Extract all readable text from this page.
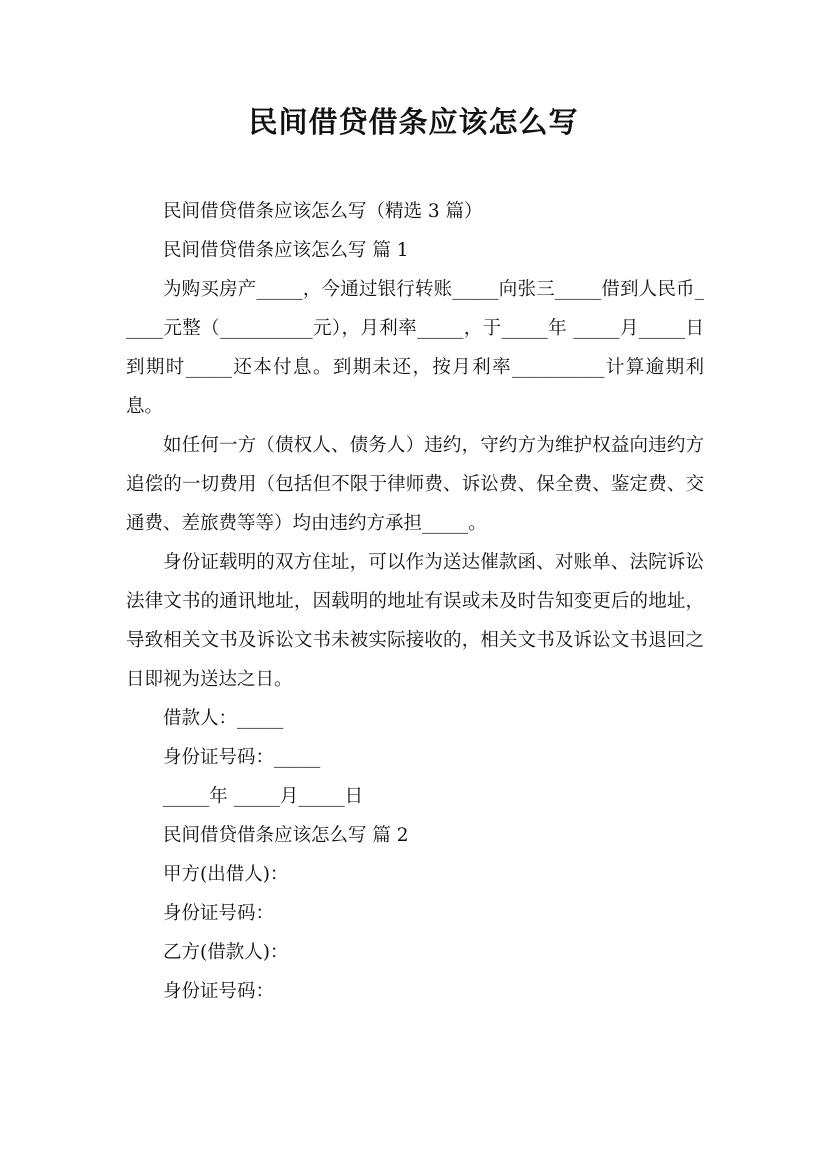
民间借贷借条应该怎么写

民间借贷借条应该怎么写（精选 3 篇）

民间借贷借条应该怎么写 篇 1

为购买房产_____，今通过银行转账_____向张三_____借到人民币_____元整（__________元），月利率_____，于_____年 _____月_____日到期时_____还本付息。到期未还，按月利率__________计算逾期利息。

如任何一方（债权人、债务人）违约，守约方为维护权益向违约方追偿的一切费用（包括但不限于律师费、诉讼费、保全费、鉴定费、交通费、差旅费等等）均由违约方承担_____。

身份证载明的双方住址，可以作为送达催款函、对账单、法院诉讼法律文书的通讯地址，因载明的地址有误或未及时告知变更后的地址，导致相关文书及诉讼文书未被实际接收的，相关文书及诉讼文书退回之日即视为送达之日。

借款人：_____

身份证号码：_____

_____年 _____月_____日

民间借贷借条应该怎么写 篇 2

甲方(出借人)：

身份证号码：

乙方(借款人)：

身份证号码：
